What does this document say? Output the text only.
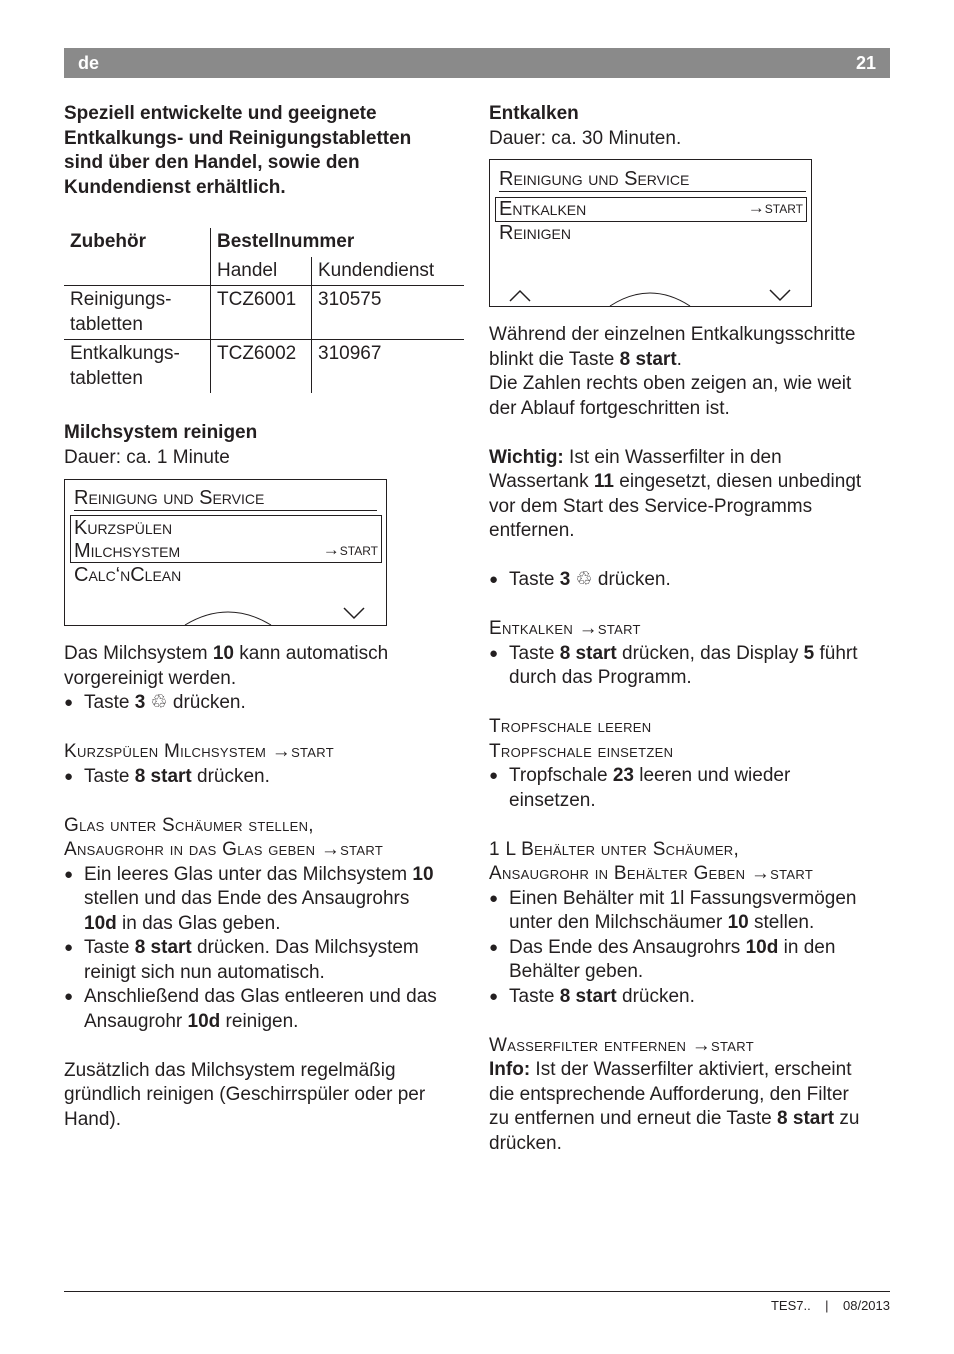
de	21

Speziell entwickelte und geeignete

Entkalkungs- und Reinigungstabletten

sind über den Handel, sowie den

Kundendienst erhältlich.

Zubehör	Bestellnummer	
	Handel	Kundendienst
Reinigungs-
tabletten	TCZ6001	310575
Entkalkungs-
tabletten	TCZ6002	310967

Milchsystem reinigen

Dauer: ca. 1 Minute

Reinigung und Service
Kurzspülen
Milchsystem	→start
Calc‘nClean

Das Milchsystem 10 kann automatisch

vorgereinigt werden.

● Taste 3 ♲ drücken.

Kurzspülen Milchsystem →start

● Taste 8 start drücken.

Glas unter Schäumer stellen,

Ansaugrohr in das Glas geben →start

● Ein leeres Glas unter das Milchsystem 10

stellen und das Ende des Ansaugrohrs

10d in das Glas geben.

● Taste 8 start drücken. Das Milchsystem

reinigt sich nun automatisch.

● Anschließend das Glas entleeren und das

Ansaugrohr 10d reinigen.

Zusätzlich das Milchsystem regelmäßig

gründlich reinigen (Geschirrspüler oder per

Hand).

Entkalken

Dauer: ca. 30 Minuten.

Reinigung und Service
Entkalken	→start
Reinigen

Während der einzelnen Entkalkungsschritte

blinkt die Taste 8 start.

Die Zahlen rechts oben zeigen an, wie weit

der Ablauf fortgeschritten ist.

Wichtig: Ist ein Wasserfilter in den

Wassertank 11 eingesetzt, diesen unbedingt

vor dem Start des Service-Programms

entfernen.

● Taste 3 ♲ drücken.

Entkalken →start

● Taste 8 start drücken, das Display 5 führt

durch das Programm.

Tropfschale leeren

Tropfschale einsetzen

● Tropfschale 23 leeren und wieder

einsetzen.

1 L Behälter unter Schäumer,

Ansaugrohr in Behälter Geben →start

● Einen Behälter mit 1l Fassungsvermögen

unter den Milchschäumer 10 stellen.

● Das Ende des Ansaugrohrs 10d in den

Behälter geben.

● Taste 8 start drücken.

Wasserfilter entfernen →start

Info: Ist der Wasserfilter aktiviert, erscheint

die entsprechende Aufforderung, den Filter

zu entfernen und erneut die Taste 8 start zu

drücken.

TES7.. | 08/2013
